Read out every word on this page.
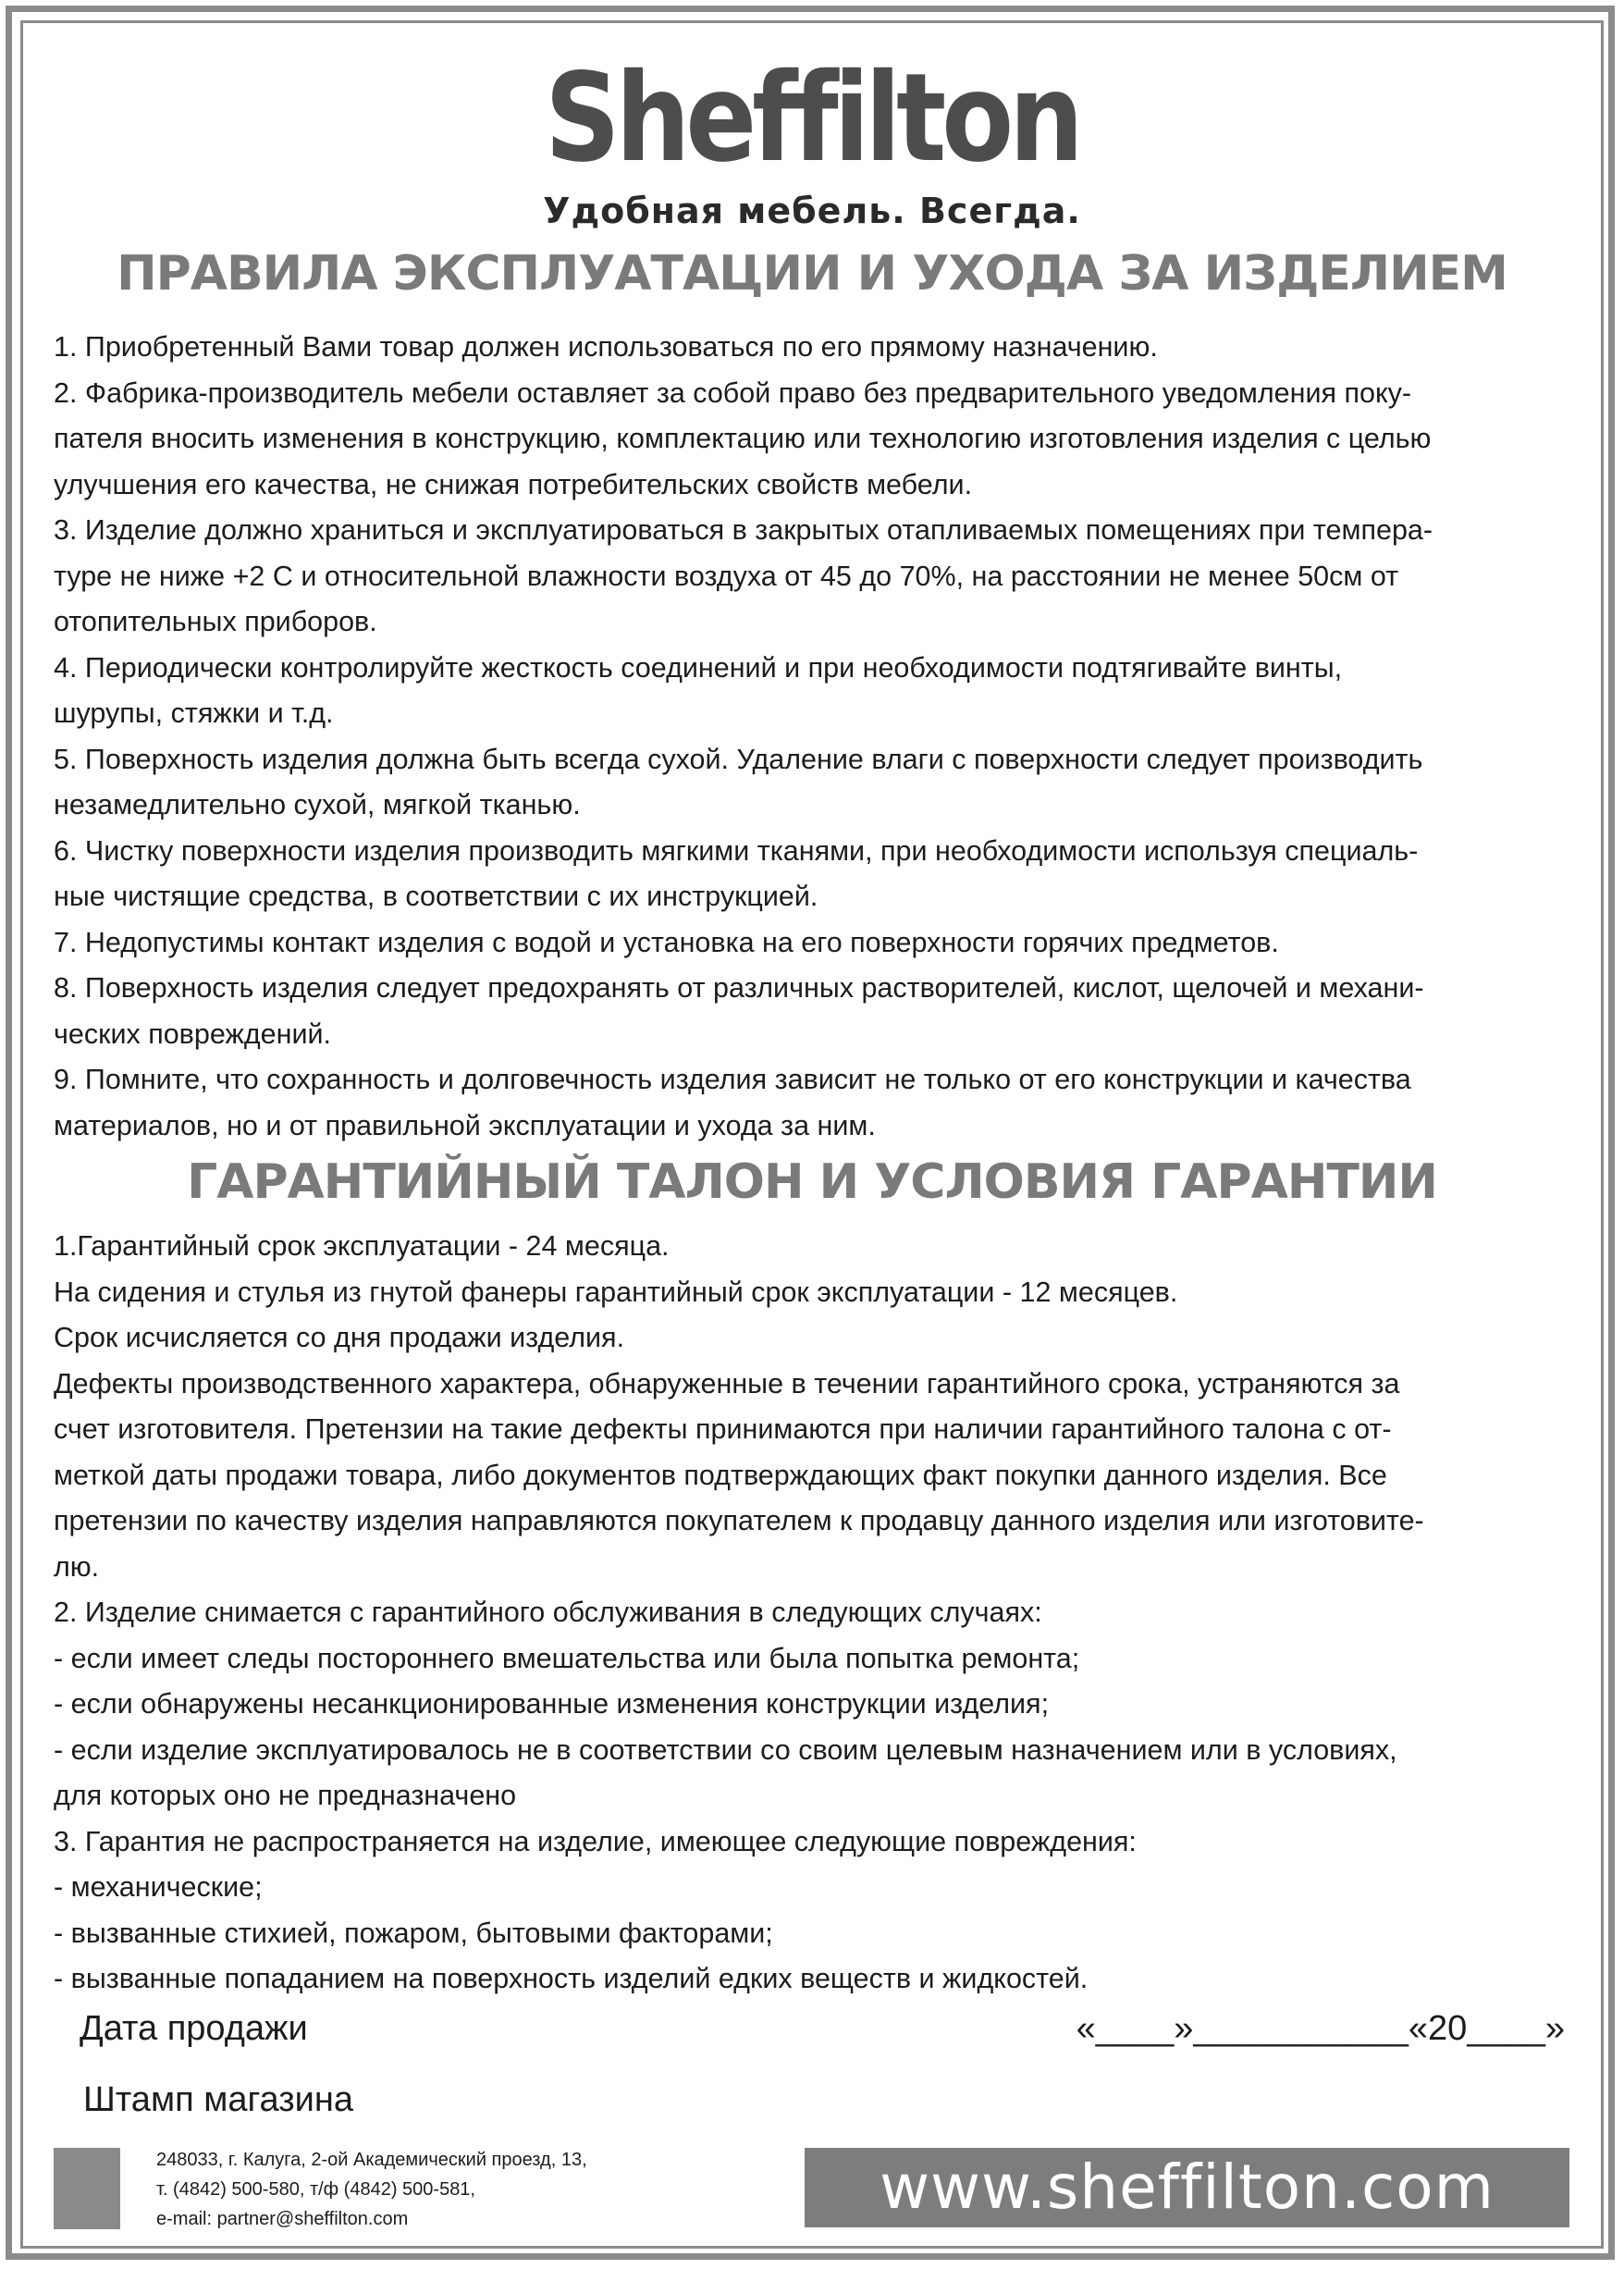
Sheffilton
Удобная мебель. Всегда.
ПРАВИЛА ЭКСПЛУАТАЦИИ И УХОДА ЗА ИЗДЕЛИЕМ

1. Приобретенный Вами товар должен использоваться по его прямому назначению.

2. Фабрика-производитель мебели оставляет за собой право без предварительного уведомления поку-

пателя вносить изменения в конструкцию, комплектацию или технологию изготовления изделия с целью

улучшения его качества, не снижая потребительских свойств мебели.

3. Изделие должно храниться и эксплуатироваться в закрытых отапливаемых помещениях при темпера-

туре не ниже +2 С и относительной влажности воздуха от 45 до 70%, на расстоянии не менее 50см от

отопительных приборов.

4. Периодически контролируйте жесткость соединений и при необходимости подтягивайте винты,

шурупы, стяжки и т.д.

5. Поверхность изделия должна быть всегда сухой. Удаление влаги с поверхности следует производить

незамедлительно сухой, мягкой тканью.

6. Чистку поверхности изделия производить мягкими тканями, при необходимости используя специаль-

ные чистящие средства, в соответствии с их инструкцией.

7. Недопустимы контакт изделия с водой и установка на его поверхности горячих предметов.

8. Поверхность изделия следует предохранять от различных растворителей, кислот, щелочей и механи-

ческих повреждений.

9. Помните, что сохранность и долговечность изделия зависит не только от его конструкции и качества

материалов, но и от правильной эксплуатации и ухода за ним.

ГАРАНТИЙНЫЙ ТАЛОН И УСЛОВИЯ ГАРАНТИИ

1.Гарантийный срок эксплуатации - 24 месяца.

На сидения и стулья из гнутой фанеры гарантийный срок эксплуатации - 12 месяцев.

Срок исчисляется со дня продажи изделия.

Дефекты производственного характера, обнаруженные в течении гарантийного срока, устраняются за

счет изготовителя. Претензии на такие дефекты принимаются при наличии гарантийного талона с от-

меткой даты продажи товара, либо документов подтверждающих факт покупки данного изделия. Все

претензии по качеству изделия направляются покупателем к продавцу данного изделия или изготовите-

лю.

2. Изделие снимается с гарантийного обслуживания в следующих случаях:

- если имеет следы постороннего вмешательства или была попытка ремонта;

- если обнаружены несанкционированные изменения конструкции изделия;

- если изделие эксплуатировалось не в соответствии со своим целевым назначением или в условиях,

для которых оно не предназначено

3. Гарантия не распространяется на изделие, имеющее следующие повреждения:

- механические;

- вызванные стихией, пожаром, бытовыми факторами;

- вызванные попаданием на поверхность изделий едких веществ и жидкостей.

Дата продажи	«____»___________«20____»
Штамп магазина
248033, г. Калуга, 2-ой Академический проезд, 13,
т. (4842) 500-580, т/ф (4842) 500-581,
e-mail: partner@sheffilton.com	www.sheffilton.com
